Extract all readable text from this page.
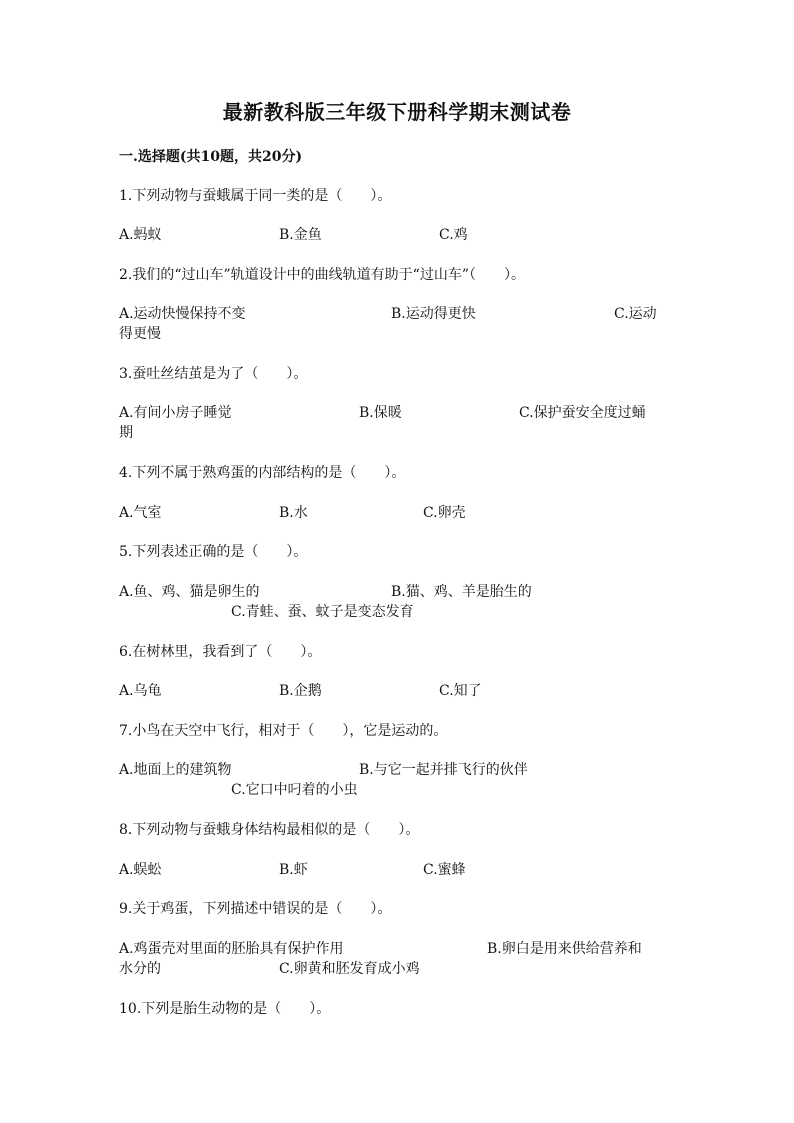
最新教科版三年级下册科学期末测试卷
一.选择题(共10题，共20分)
1.下列动物与蚕蛾属于同一类的是（　　）。
A.蚂蚁	B.金鱼	C.鸡
2.我们的“过山车”轨道设计中的曲线轨道有助于“过山车”（　　）。
A.运动快慢保持不变	B.运动得更快	C.运动
得更慢
3.蚕吐丝结茧是为了（　　）。
A.有间小房子睡觉	B.保暖	C.保护蚕安全度过蛹
期
4.下列不属于熟鸡蛋的内部结构的是（　　）。
A.气室	B.水	C.卵壳
5.下列表述正确的是（　　）。
A.鱼、鸡、猫是卵生的	B.猫、鸡、羊是胎生的
C.青蛙、蚕、蚊子是变态发育
6.在树林里，我看到了（　　）。
A.乌龟	B.企鹅	C.知了
7.小鸟在天空中飞行，相对于（　　），它是运动的。
A.地面上的建筑物	B.与它一起并排飞行的伙伴
C.它口中叼着的小虫
8.下列动物与蚕蛾身体结构最相似的是（　　）。
A.蜈蚣	B.虾	C.蜜蜂
9.关于鸡蛋，下列描述中错误的是（　　）。
A.鸡蛋壳对里面的胚胎具有保护作用	B.卵白是用来供给营养和
水分的	C.卵黄和胚发育成小鸡
10.下列是胎生动物的是（　　）。
